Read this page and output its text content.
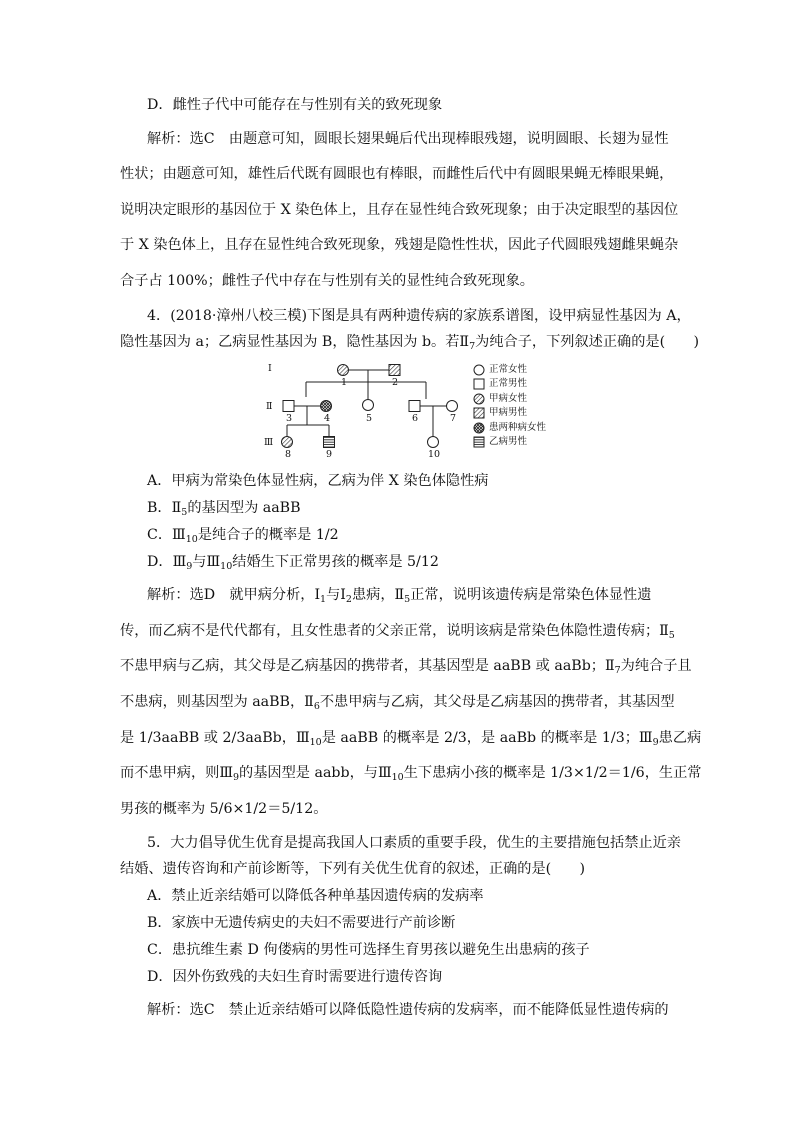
D．雌性子代中可能存在与性别有关的致死现象
解析：选C　由题意可知，圆眼长翅果蝇后代出现棒眼残翅，说明圆眼、长翅为显性
性状；由题意可知，雄性后代既有圆眼也有棒眼，而雌性后代中有圆眼果蝇无棒眼果蝇，
说明决定眼形的基因位于 X 染色体上，且存在显性纯合致死现象；由于决定眼型的基因位
于 X 染色体上，且存在显性纯合致死现象，残翅是隐性性状，因此子代圆眼残翅雌果蝇杂
合子占 100%；雌性子代中存在与性别有关的显性纯合致死现象。
4．(2018·漳州八校三模)下图是具有两种遗传病的家族系谱图，设甲病显性基因为 A，
隐性基因为 a；乙病显性基因为 B，隐性基因为 b。若$Ⅱ_7$为纯合子，下列叙述正确的是(　　)
Ⅰ
Ⅱ
Ⅲ
1	2
3	4	5	6	7
8	9	10
正常女性
正常男性
甲病女性
甲病男性
患两种病女性
乙病男性
A．甲病为常染色体显性病，乙病为伴 X 染色体隐性病
B．$Ⅱ_5$的基因型为 aaBB
C．$Ⅲ_{10}$是纯合子的概率是 1/2
D．$Ⅲ_9$与$Ⅲ_{10}$结婚生下正常男孩的概率是 5/12
解析：选D　就甲病分析，$Ⅰ_1$与$Ⅰ_2$患病，$Ⅱ_5$正常，说明该遗传病是常染色体显性遗
传，而乙病不是代代都有，且女性患者的父亲正常，说明该病是常染色体隐性遗传病；$Ⅱ_5$
不患甲病与乙病，其父母是乙病基因的携带者，其基因型是 aaBB 或 aaBb；$Ⅱ_7$为纯合子且
不患病，则基因型为 aaBB，$Ⅱ_6$不患甲病与乙病，其父母是乙病基因的携带者，其基因型
是 1/3aaBB 或 2/3aaBb，$Ⅲ_{10}$是 aaBB 的概率是 2/3，是 aaBb 的概率是 1/3；$Ⅲ_9$患乙病
而不患甲病，则$Ⅲ_9$的基因型是 aabb，与$Ⅲ_{10}$生下患病小孩的概率是 1/3×1/2＝1/6，生正常
男孩的概率为 5/6×1/2＝5/12。
5．大力倡导优生优育是提高我国人口素质的重要手段，优生的主要措施包括禁止近亲
结婚、遗传咨询和产前诊断等，下列有关优生优育的叙述，正确的是(　　)
A．禁止近亲结婚可以降低各种单基因遗传病的发病率
B．家族中无遗传病史的夫妇不需要进行产前诊断
C．患抗维生素 D 佝偻病的男性可选择生育男孩以避免生出患病的孩子
D．因外伤致残的夫妇生育时需要进行遗传咨询
解析：选C　禁止近亲结婚可以降低隐性遗传病的发病率，而不能降低显性遗传病的
